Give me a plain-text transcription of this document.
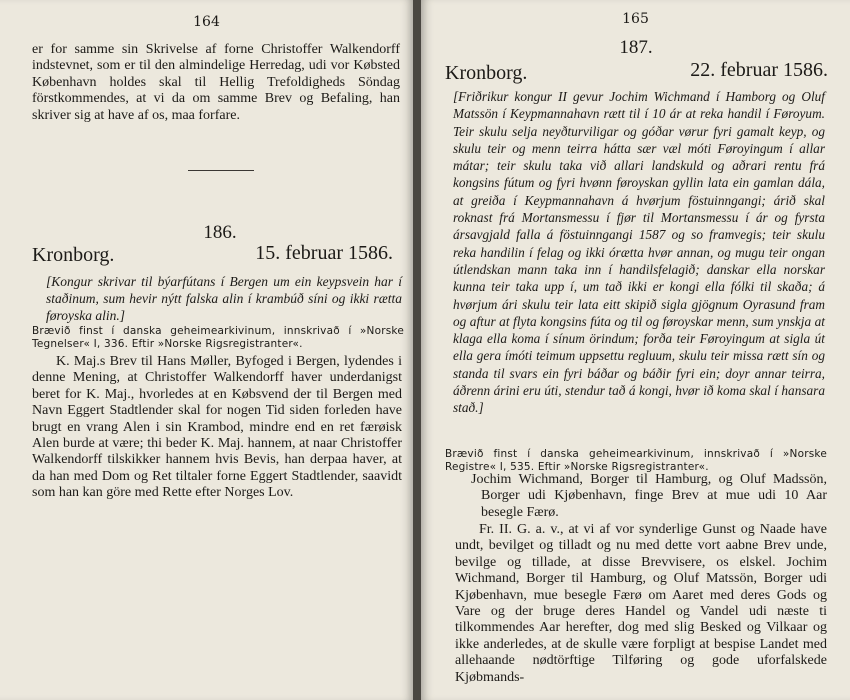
164

er for samme sin Skrivelse af forne Christoffer Walkendorff indstevnet, som er til den almindelige Herredag, udi vor Købsted København holdes skal til Hellig Trefoldigheds Söndag förstkommendes, at vi da om samme Brev og Befaling, han skriver sig at have af os, maa forfare.

186.
Kronborg.	15. februar 1586.

[Kongur skrivar til býarfútans í Bergen um ein keypsvein har í staðinum, sum hevir nýtt falska alin í krambúð síni og ikki rætta føroyska alin.]

Brævið finst í danska geheimearkivinum, innskrivað í »Norske Tegnelser« I, 336. Eftir »Norske Rigsregistranter«.

K. Maj.s Brev til Hans Møller, Byfoged i Bergen, lydendes i denne Mening, at Christoffer Walkendorff haver underdanigst beret for K. Maj., hvorledes at en Købsvend der til Bergen med Navn Eggert Stadtlender skal for nogen Tid siden forleden have brugt en vrang Alen i sin Krambod, mindre end en ret færøisk Alen burde at være; thi beder K. Maj. hannem, at naar Christoffer Walkendorff tilskikker hannem hvis Bevis, han derpaa haver, at da han med Dom og Ret tiltaler forne Eggert Stadtlender, saavidt som han kan göre med Rette efter Norges Lov.

165
187.
Kronborg.	22. februar 1586.

[Friðrikur kongur II gevur Jochim Wichmand í Hamborg og Oluf Matssön í Keypmannahavn rætt til í 10 ár at reka handil í Føroyum. Teir skulu selja neyðturviligar og góðar vørur fyri gamalt keyp, og skulu teir og menn teirra hátta sær væl móti Føroyingum í allar mátar; teir skulu taka við allari landskuld og aðrari rentu frá kongsins fútum og fyri hvønn føroyskan gyllin lata ein gamlan dála, at greiða í Keypmannahavn á hvørjum föstuinngangi; árið skal roknast frá Mortansmessu í fjør til Mortansmessu í ár og fyrsta ársavgjald falla á föstuinngangi 1587 og so framvegis; teir skulu reka handilin í felag og ikki órætta hvør annan, og mugu teir ongan útlendskan mann taka inn í handilsfelagið; danskar ella norskar kunna teir taka upp í, um tað ikki er kongi ella fólki til skaða; á hvørjum ári skulu teir lata eitt skipið sigla gjögnum Oyrasund fram og aftur at flyta kongsins fúta og til og føroyskar menn, sum ynskja at klaga ella koma í sínum örindum; forða teir Føroyingum at sigla út ella gera ímóti teimum uppsettu regluum, skulu teir missa rætt sín og standa til svars ein fyri báðar og báðir fyri ein; doyr annar teirra, áðrenn árini eru úti, stendur tað á kongi, hvør ið koma skal í hansara stað.]

Brævið finst í danska geheimearkivinum, innskrivað í »Norske Registre« I, 535. Eftir »Norske Rigsregistranter«.

Jochim Wichmand, Borger til Hamburg, og Oluf Madssön, Borger udi Kjøbenhavn, finge Brev at mue udi 10 Aar besegle Færø.

Fr. II. G. a. v., at vi af vor synderlige Gunst og Naade have undt, bevilget og tilladt og nu med dette vort aabne Brev unde, bevilge og tillade, at disse Brevvisere, os elskel. Jochim Wichmand, Borger til Hamburg, og Oluf Matssön, Borger udi Kjøbenhavn, mue besegle Færø om Aaret med deres Gods og Vare og der bruge deres Handel og Vandel udi næste ti tilkommendes Aar herefter, dog med slig Besked og Vilkaar og ikke anderledes, at de skulle være forpligt at bespise Landet med allehaande nødtörftige Tilføring og gode uforfalskede Kjøbmands-
